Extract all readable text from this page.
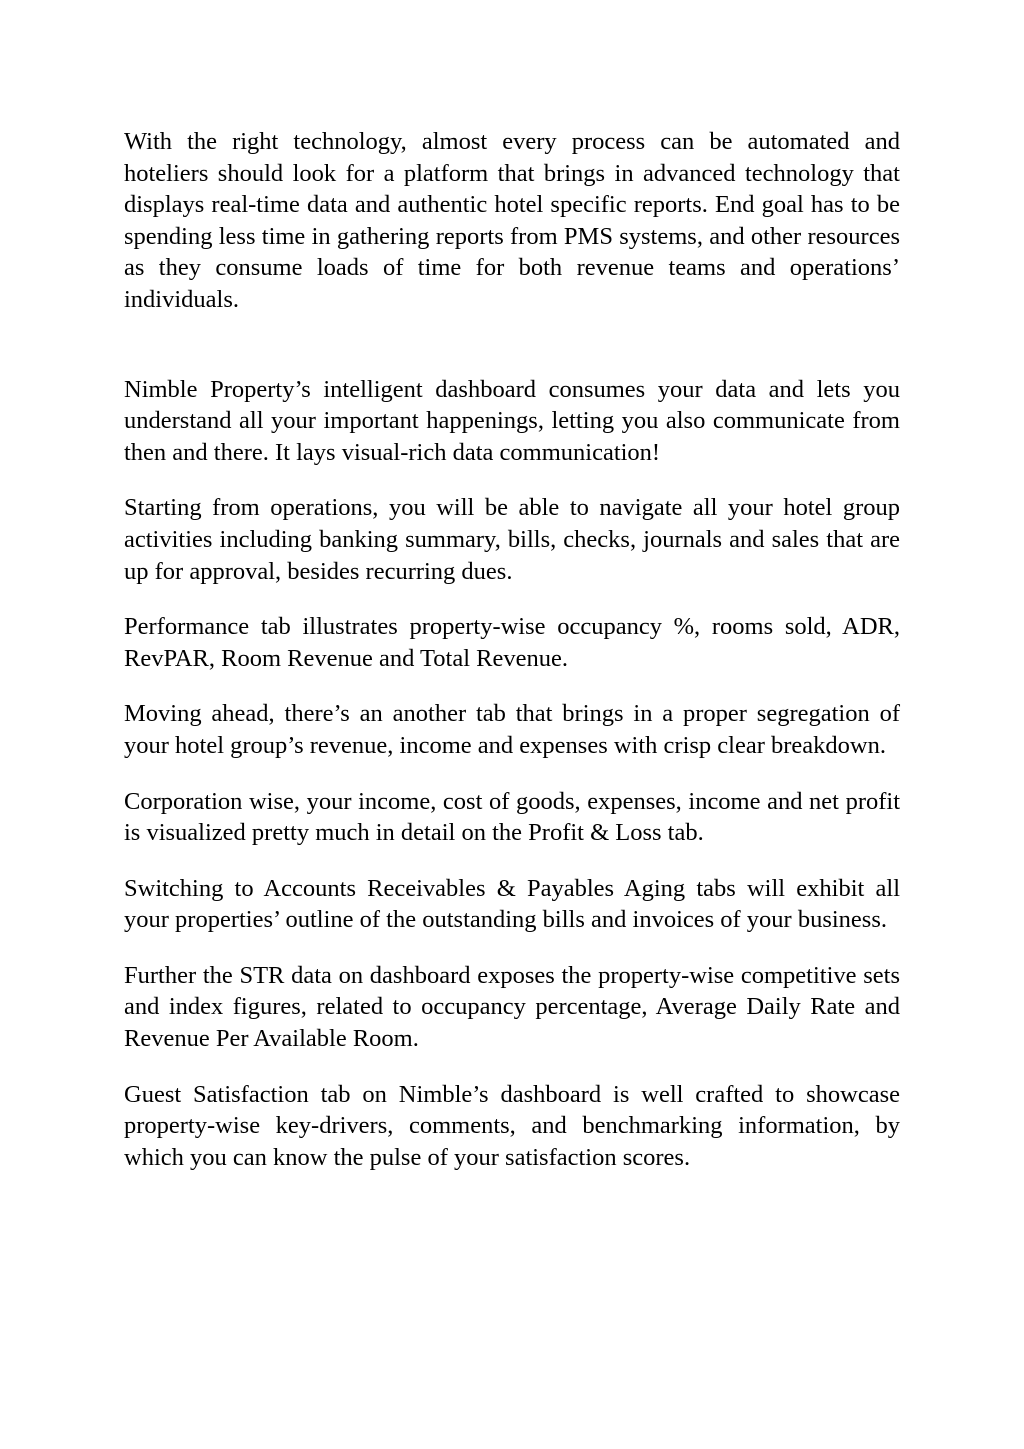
With the right technology, almost every process can be automated and hoteliers should look for a platform that brings in advanced technology that displays real-time data and authentic hotel specific reports. End goal has to be spending less time in gathering reports from PMS systems, and other resources as they consume loads of time for both revenue teams and operations’ individuals.

Nimble Property’s intelligent dashboard consumes your data and lets you understand all your important happenings, letting you also communicate from then and there. It lays visual-rich data communication!

Starting from operations, you will be able to navigate all your hotel group activities including banking summary, bills, checks, journals and sales that are up for approval, besides recurring dues.

Performance tab illustrates property-wise occupancy %, rooms sold, ADR, RevPAR, Room Revenue and Total Revenue.

Moving ahead, there’s an another tab that brings in a proper segregation of your hotel group’s revenue, income and expenses with crisp clear breakdown.

Corporation wise, your income, cost of goods, expenses, income and net profit is visualized pretty much in detail on the Profit & Loss tab.

Switching to Accounts Receivables & Payables Aging tabs will exhibit all your properties’ outline of the outstanding bills and invoices of your business.

Further the STR data on dashboard exposes the property-wise competitive sets and index figures, related to occupancy percentage, Average Daily Rate and Revenue Per Available Room.

Guest Satisfaction tab on Nimble’s dashboard is well crafted to showcase property-wise key-drivers, comments, and benchmarking information, by which you can know the pulse of your satisfaction scores.
